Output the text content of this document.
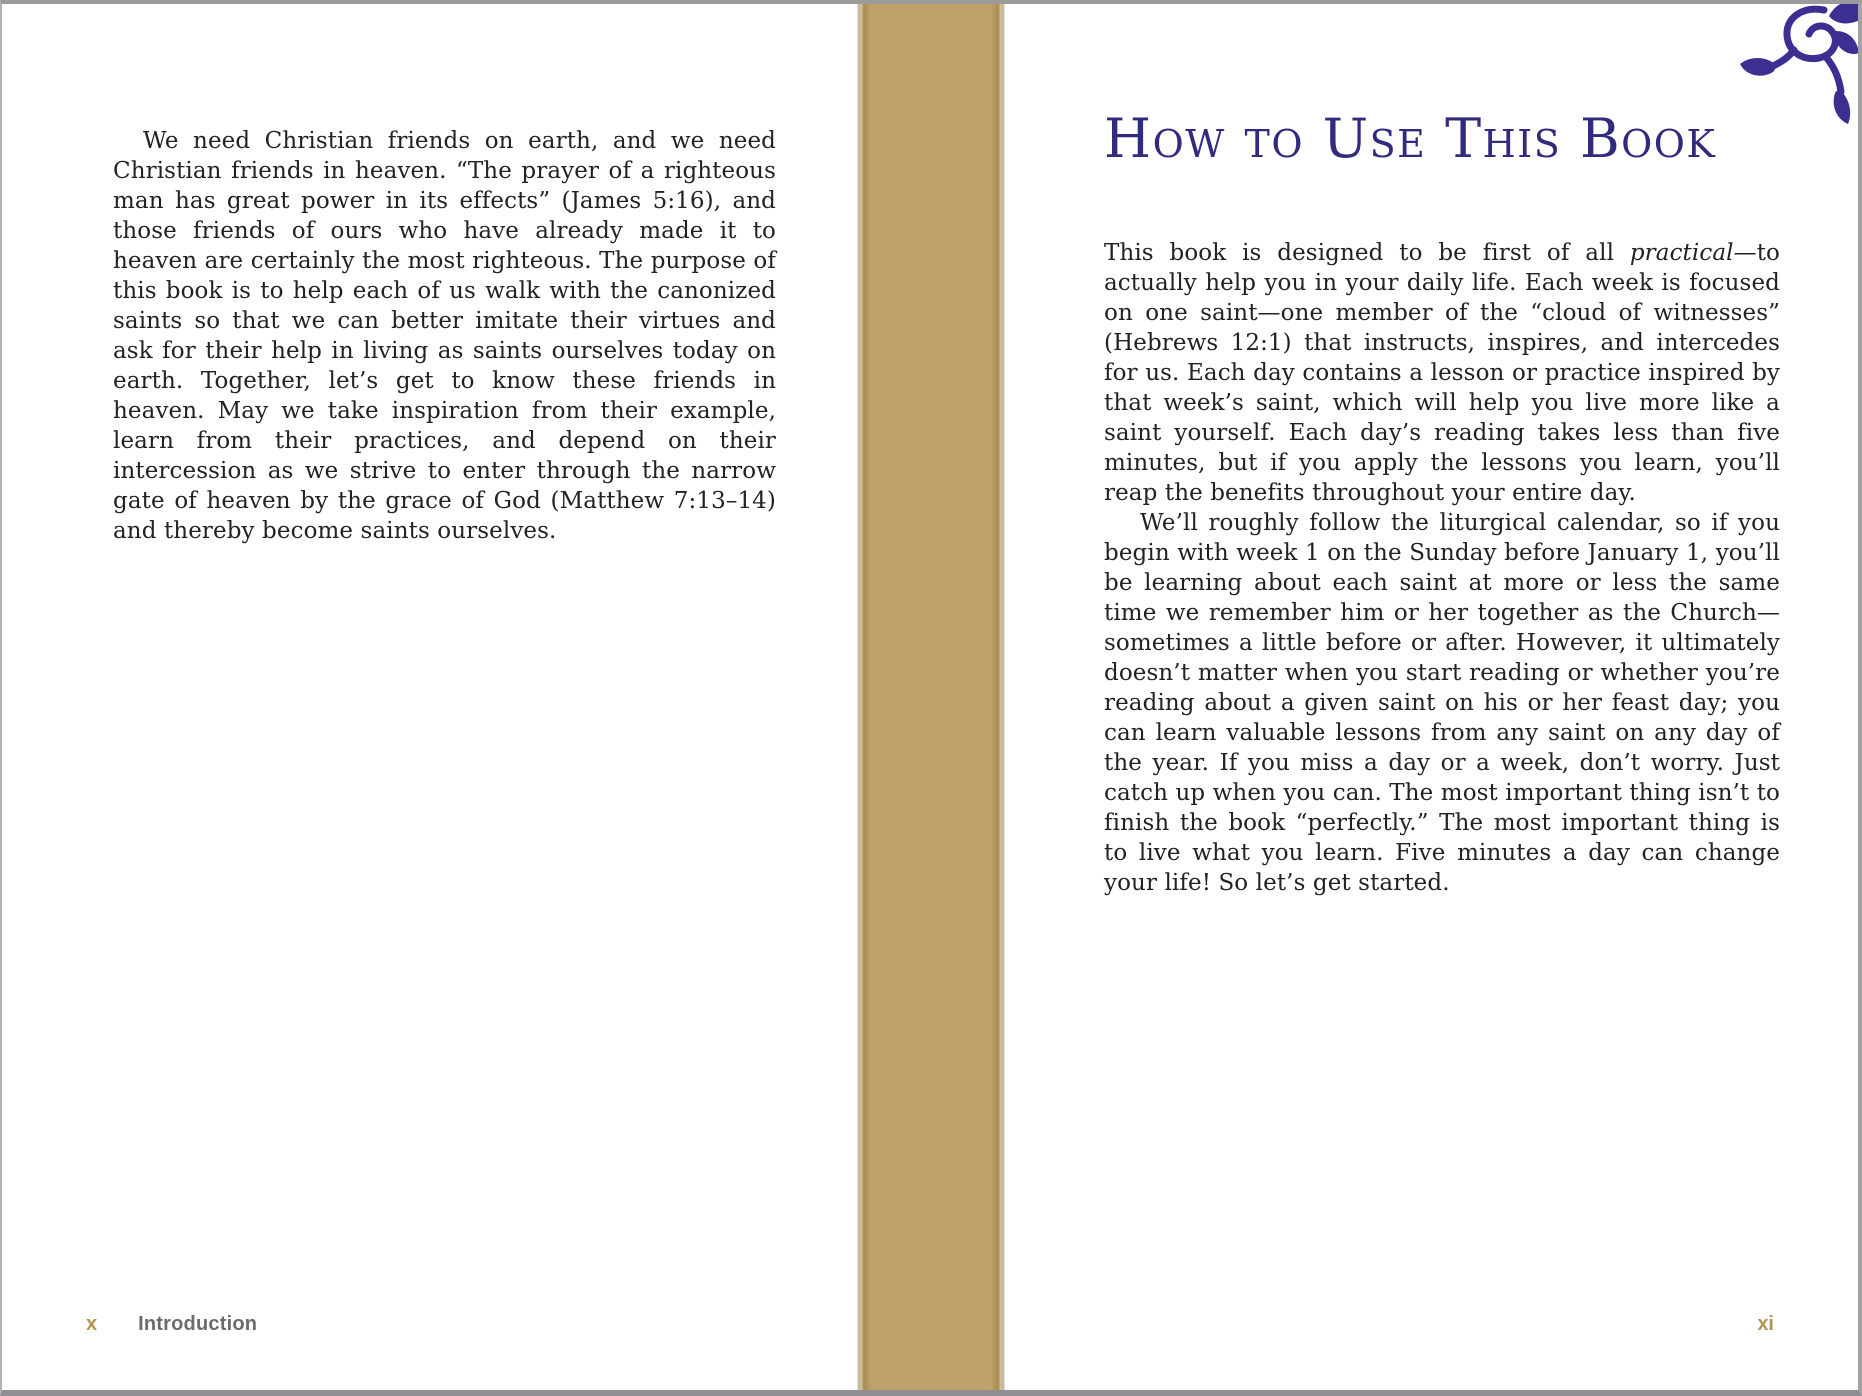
We need Christian friends on earth, and we need Christian friends in heaven. “The prayer of a righteous man has great power in its effects” (James 5:16), and those friends of ours who have already made it to heaven are certainly the most righteous. The purpose of this book is to help each of us walk with the canonized saints so that we can better imitate their virtues and ask for their help in living as saints ourselves today on earth. Together, let’s get to know these friends in heaven. May we take inspiration from their example, learn from their practices, and depend on their intercession as we strive to enter through the narrow gate of heaven by the grace of God (Matthew 7:13–14) and thereby become saints ourselves.

x Introduction
How to Use This Book

This book is designed to be first of all practical—to actually help you in your daily life. Each week is focused on one saint—one member of the “cloud of witnesses” (Hebrews 12:1) that instructs, inspires, and intercedes for us. Each day contains a lesson or practice inspired by that week’s saint, which will help you live more like a saint yourself. Each day’s reading takes less than five minutes, but if you apply the lessons you learn, you’ll reap the benefits throughout your entire day.

We’ll roughly follow the liturgical calendar, so if you begin with week 1 on the Sunday before January 1, you’ll be learning about each saint at more or less the same time we remember him or her together as the Church—sometimes a little before or after. However, it ultimately doesn’t matter when you start reading or whether you’re reading about a given saint on his or her feast day; you can learn valuable lessons from any saint on any day of the year. If you miss a day or a week, don’t worry. Just catch up when you can. The most important thing isn’t to finish the book “perfectly.” The most important thing is to live what you learn. Five minutes a day can change your life! So let’s get started.

xi
